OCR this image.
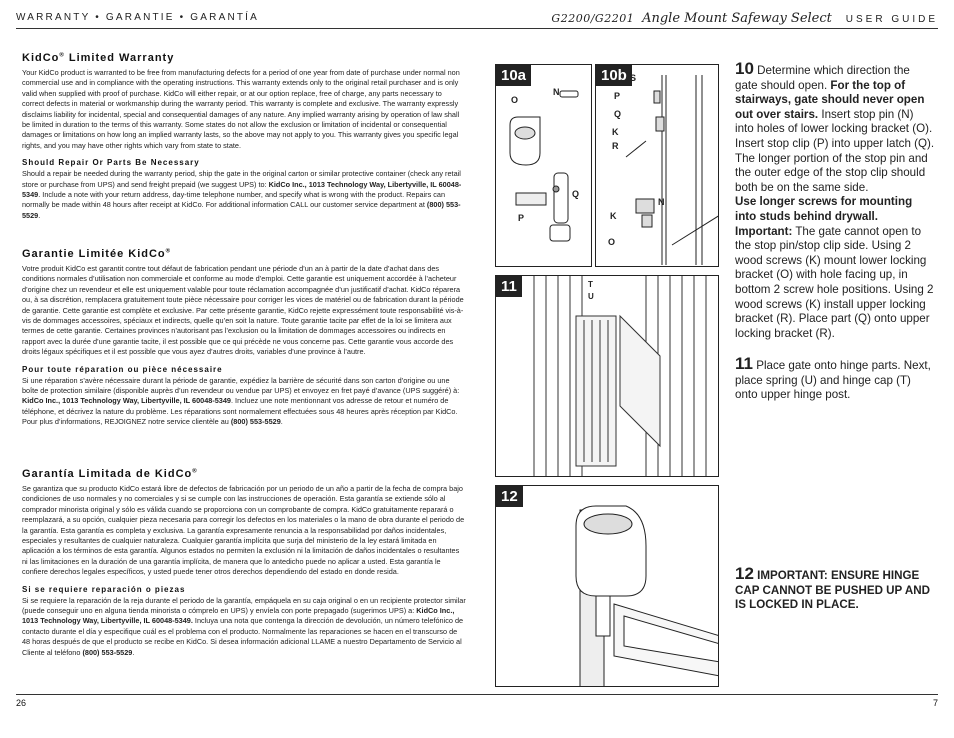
WARRANTY • GARANTIE • GARANTÍA	G2200/G2201 Angle Mount Safeway Select USER GUIDE
KidCo® Limited Warranty

Your KidCo product is warranted to be free from manufacturing defects for a period of one year from date of purchase under normal non commercial use and in compliance with the operating instructions. This warranty extends only to the original retail purchaser and is only valid when supplied with proof of purchase. KidCo will either repair, or at our option replace, free of charge, any parts necessary to correct defects in material or workmanship during the warranty period. This warranty is complete and exclusive. The warranty expressly disclaims liability for incidental, special and consequential damages of any nature. Any implied warranty arising by operation of law shall be limited in duration to the terms of this warranty. Some states do not allow the exclusion or limitation of incidental or consequential damages or limitations on how long an implied warranty lasts, so the above may not apply to you. This warranty gives you specific legal rights, and you may have other rights which vary from state to state.

Should Repair Or Parts Be Necessary

Should a repair be needed during the warranty period, ship the gate in the original carton or similar protective container (check any retail store or purchase from UPS) and send freight prepaid (we suggest UPS) to: KidCo Inc., 1013 Technology Way, Libertyville, IL 60048-5349. Include a note with your return address, day-time telephone number, and specify what is wrong with the product. Repairs can normally be made within 48 hours after receipt at KidCo. For additional information CALL our customer service department at (800) 553-5529.

Garantie Limitée KidCo®

Votre produit KidCo est garantit contre tout défaut de fabrication pendant une période d’un an à partir de la date d’achat dans des conditions normales d’utilisation non commerciale et conforme au mode d’emploi. Cette garantie est uniquement accordée à l’acheteur d’origine chez un revendeur et elle est uniquement valable pour toute réclamation accompagnée d’un justificatif d’achat. KidCo réparera ou, à sa discrétion, remplacera gratuitement toute pièce nécessaire pour corriger les vices de matériel ou de fabrication durant la période de garantie. Cette garantie est complète et exclusive. Par cette présente garantie, KidCo rejette expressément toute responsabilité vis-à-vis de dommages accessoires, spéciaux et indirects, quelle qu’en soit la nature. Toute garantie tacite par effet de la loi se limitera aux termes de cette garantie. Certaines provinces n’autorisant pas l’exclusion ou la limitation de dommages accessoires ou indirects en rapport avec la durée d’une garantie tacite, il est possible que ce qui précède ne vous concerne pas. Cette garantie vous accorde des droits légaux spécifiques et il est possible que vous ayez d’autres droits, variables d’une province à l’autre.

Pour toute réparation ou pièce nécessaire

Si une réparation s’avère nécessaire durant la période de garantie, expédiez la barrière de sécurité dans son carton d’origine ou une boîte de protection similaire (disponible auprès d’un revendeur ou vendue par UPS) et envoyez en fret payé d’avance (UPS suggéré) à: KidCo Inc., 1013 Technology Way, Libertyville, IL 60048-5349. Incluez une note mentionnant vos adresse de retour et numéro de téléphone, et décrivez la nature du problème. Les réparations sont normalement effectuées sous 48 heures après réception par KidCo. Pour plus d’informations, REJOIGNEZ notre service clientèle au (800) 553-5529.

Garantía Limitada de KidCo®

Se garantiza que su producto KidCo estará libre de defectos de fabricación por un periodo de un año a partir de la fecha de compra bajo condiciones de uso normales y no comerciales y si se cumple con las instrucciones de operación. Esta garantía se extiende sólo al comprador minorista original y sólo es válida cuando se proporciona con un comprobante de compra. KidCo gratuitamente reparará o reemplazará, a su opción, cualquier pieza necesaria para corregir los defectos en los materiales o la mano de obra durante el periodo de la garantía. Esta garantía es completa y exclusiva. La garantía expresamente renuncia a la responsabilidad por daños incidentales, especiales y resultantes de cualquier naturaleza. Cualquier garantía implícita que surja del ministerio de la ley estará limitada en aplicación a los términos de esta garantía. Algunos estados no permiten la exclusión ni la limitación de daños incidentales o resultantes ni las limitaciones en la duración de una garantía implícita, de manera que lo antedicho puede no aplicar a usted. Esta garantía le confiere derechos legales específicos, y usted puede tener otros derechos dependiendo del estado en donde resida.

Si se requiere reparación o piezas

Si se requiere la reparación de la reja durante el periodo de la garantía, empáquela en su caja original o en un recipiente protector similar (puede conseguir uno en alguna tienda minorista o cómprelo en UPS) y envíela con porte prepagado (sugerimos UPS) a: KidCo Inc., 1013 Technology Way, Libertyville, IL 60048-5349. Incluya una nota que contenga la dirección de devolución, un número telefónico de contacto durante el día y especifique cuál es el problema con el producto. Normalmente las reparaciones se hacen en el transcurso de 48 horas después de que el producto se recibe en KidCo. Si desea información adicional LLAME a nuestro Departamento de Servicio al Cliente al teléfono (800) 553-5529.

10a
N
O
Q
P
10b S
P
Q
K
R
N
K
O
11	T
U
12

10 Determine which direction the gate should open. For the top of stairways, gate should never open out over stairs. Insert stop pin (N) into holes of lower locking bracket (O). Insert stop clip (P) into upper latch (Q). The longer portion of the stop pin and the outer edge of the stop clip should both be on the same side.
Use longer screws for mounting into studs behind drywall.
Important: The gate cannot open to the stop pin/stop clip side. Using 2 wood screws (K) mount lower locking bracket (O) with hole facing up, in bottom 2 screw hole positions. Using 2 wood screws (K) install upper locking bracket (R). Place part (Q) onto upper locking bracket (R).

11 Place gate onto hinge parts. Next, place spring (U) and hinge cap (T) onto upper hinge post.

12 IMPORTANT: ENSURE HINGE CAP CANNOT BE PUSHED UP AND IS LOCKED IN PLACE.

26	7
